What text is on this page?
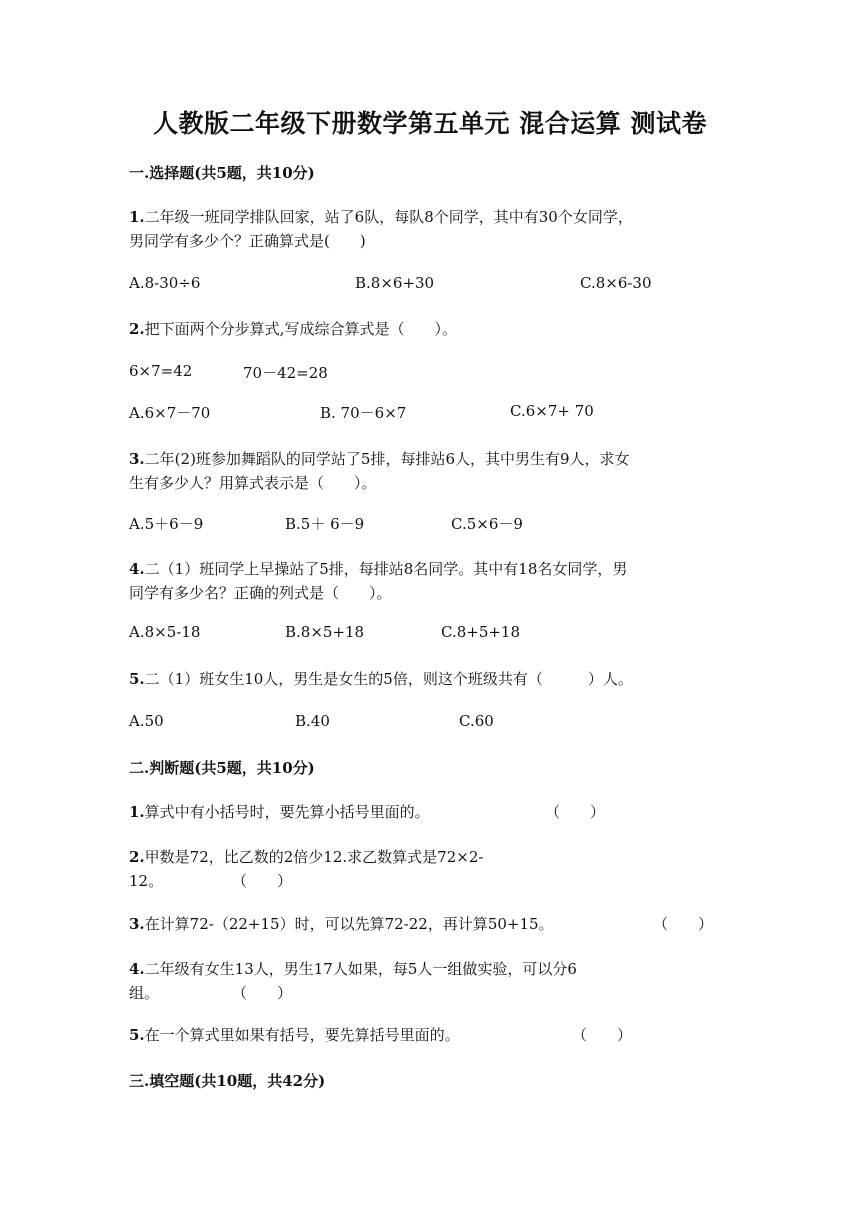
人教版二年级下册数学第五单元 混合运算 测试卷
一.选择题(共5题，共10分)
1.二年级一班同学排队回家，站了6队，每队8个同学，其中有30个女同学，
男同学有多少个？正确算式是(　　)
A.8-30÷6	B.8×6+30	C.8×6-30
2.把下面两个分步算式,写成综合算式是（　　）。
6×7=42	70－42=28
A.6×7－70	B. 70－6×7	C.6×7+ 70
3.二年(2)班参加舞蹈队的同学站了5排，每排站6人，其中男生有9人，求女
生有多少人？用算式表示是（　　）。
A.5＋6－9	B.5＋ 6－9	C.5×6－9
4.二（1）班同学上早操站了5排，每排站8名同学。其中有18名女同学，男
同学有多少名？正确的列式是（　　）。
A.8×5-18	B.8×5+18	C.8+5+18
5.二（1）班女生10人，男生是女生的5倍，则这个班级共有（　　　）人。
A.50	B.40	C.60
二.判断题(共5题，共10分)
1.算式中有小括号时，要先算小括号里面的。	（　　）
2.甲数是72，比乙数的2倍少12.求乙数算式是72×2-
12。	（　　）
3.在计算72-（22+15）时，可以先算72-22，再计算50+15。	（　　）
4.二年级有女生13人，男生17人如果，每5人一组做实验，可以分6
组。	（　　）
5.在一个算式里如果有括号，要先算括号里面的。	（　　）
三.填空题(共10题，共42分)
